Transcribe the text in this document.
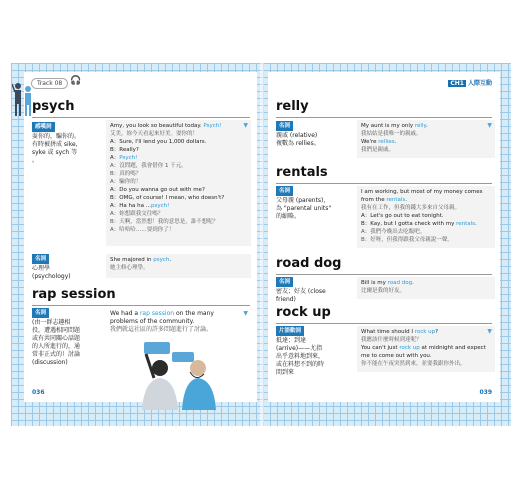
Track 08 🎧
psych
感嘆詞
耍你的，騙你的。
有時被拼成 sike,
syke 或 sych 等
。
▼
Amy, you look so beautiful today. Psych!
艾美，妳今天看起來好美。耍你的！
A：Sure, I'll lend you 1,000 dollars.
B：Really?
A：Psych!
A：沒問題，我會借你 1 千元。
B：真的嗎？
A：騙你的！
A：Do you wanna go out with me?
B：OMG, of course! I mean, who doesn't?
A：Ha ha ha ...psych!
A：妳想跟我交往嗎？
B：天啊，當然想！我的意思是，誰不想呢？
A：哈哈哈……耍到你了！
名詞
心理學
(psychology)
She majored in psych.
她主修心理學。
rap session
名詞
(由一群志趣相
投，遭遇相同問題
或有共同關心話題
的人所進行的，通
常非正式的）討論
(discussion)
▼
We had a rap session on the many
problems of the community.
我們就這社區的許多問題進行了討論。
036
CH1 人際互動
relly
名詞
親戚 (relative)
複數為 rellies。
▼
My aunt is my only relly.
我姑姑是我唯一的親戚。
We're rellies.
我們是親戚。
rentals
名詞
父母親 (parents)，
為 "parental units"
的縮略。
I am working, but most of my money comes
from the rentals.
我有在工作，但我的錢大多來自父母親。
A：Let's go out to eat tonight.
B：Kay, but I gotta check with my rentals.
A：我們今晚出去吃飯吧。
B：好呀，但我得跟我父母親說一聲。
road dog
名詞
密友；好友 (close
friend)
Bill is my road dog.
比爾是我的好友。
rock up
片語動詞
抵達；到達
(arrive)——尤指
出乎意料地到來，
或在料想不到的時
間到來
▼
What time should I rock up?
我應該什麼時候到達呢？
You can't just rock up at midnight and expect
me to come out with you.
你不能在午夜突然到來，並要我跟你外出。
039
